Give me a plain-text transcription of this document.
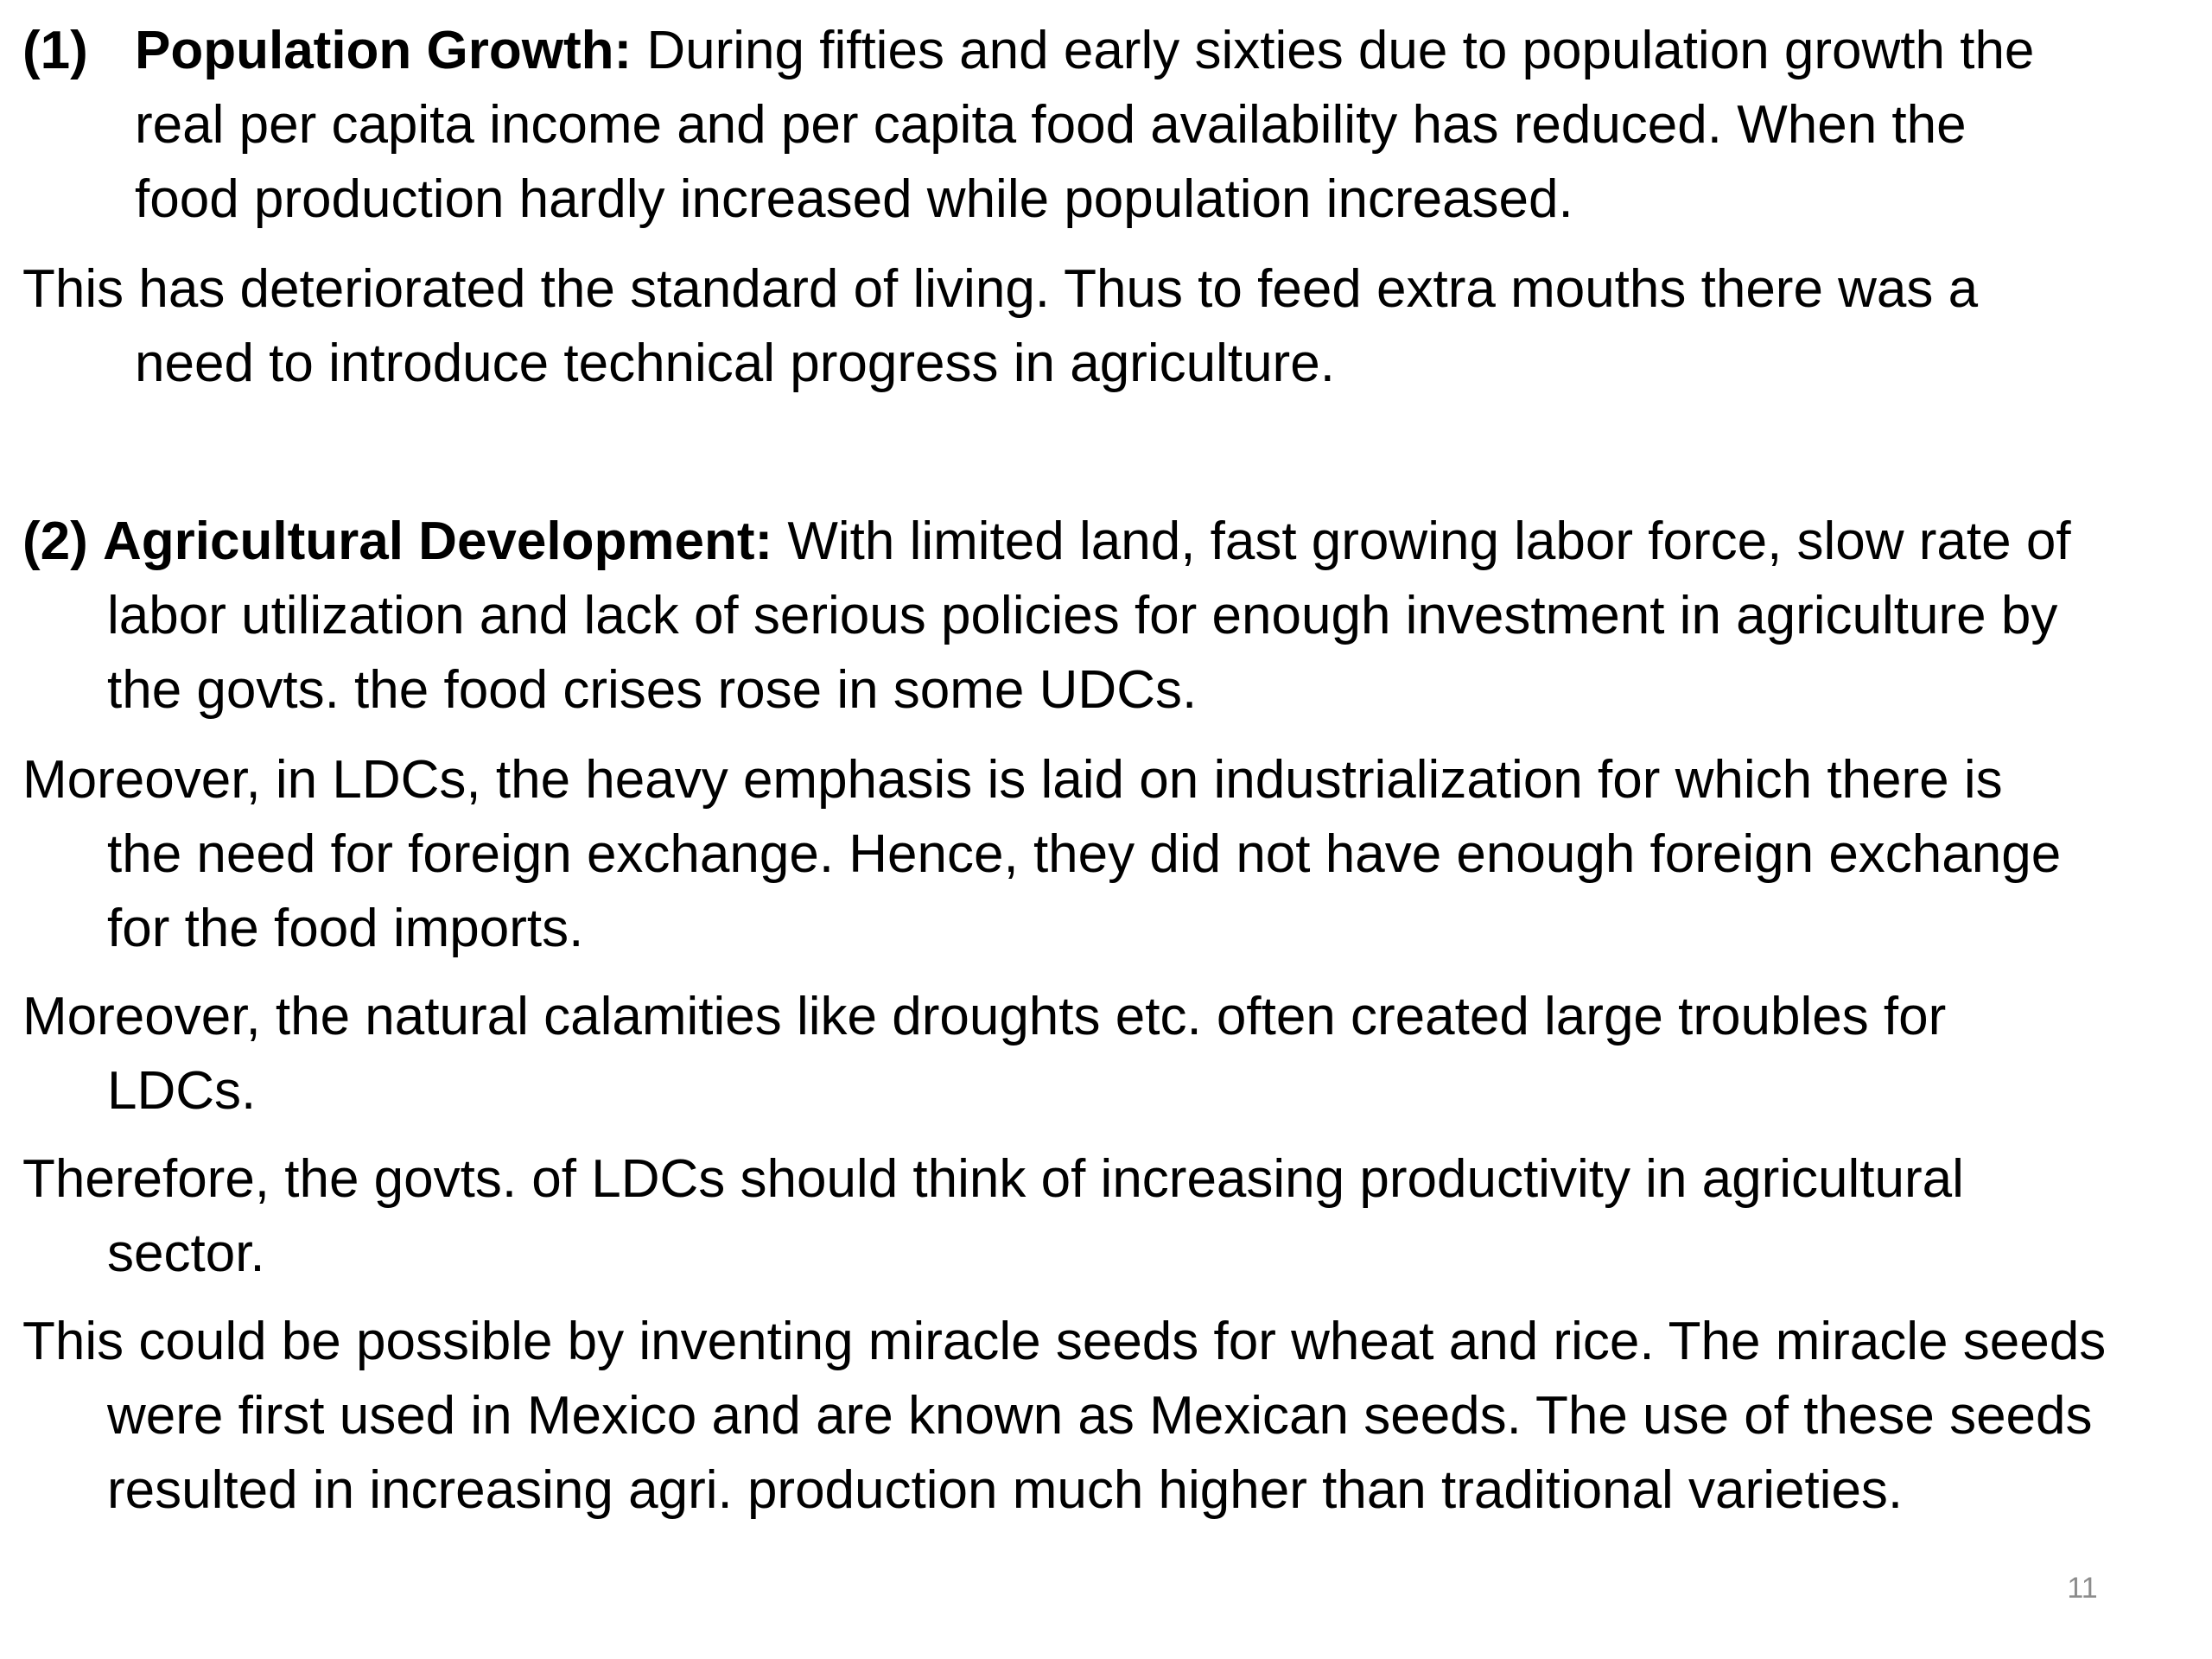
(1) Population Growth: During fifties and early sixties due to population growth the
real per capita income and per capita food availability has reduced. When the
food production hardly increased while population increased.
This has deteriorated the standard of living. Thus to feed extra mouths there was a
need to introduce technical progress in agriculture.
(2) Agricultural Development: With limited land, fast growing labor force, slow rate of
labor utilization and lack of serious policies for enough investment in agriculture by
the govts. the food crises rose in some UDCs.
Moreover, in LDCs, the heavy emphasis is laid on industrialization for which there is
the need for foreign exchange. Hence, they did not have enough foreign exchange
for the food imports.
Moreover, the natural calamities like droughts etc. often created large troubles for
LDCs.
Therefore, the govts. of LDCs should think of increasing productivity in agricultural
sector.
This could be possible by inventing miracle seeds for wheat and rice. The miracle seeds
were first used in Mexico and are known as Mexican seeds. The use of these seeds
resulted in increasing agri. production much higher than traditional varieties.
11
